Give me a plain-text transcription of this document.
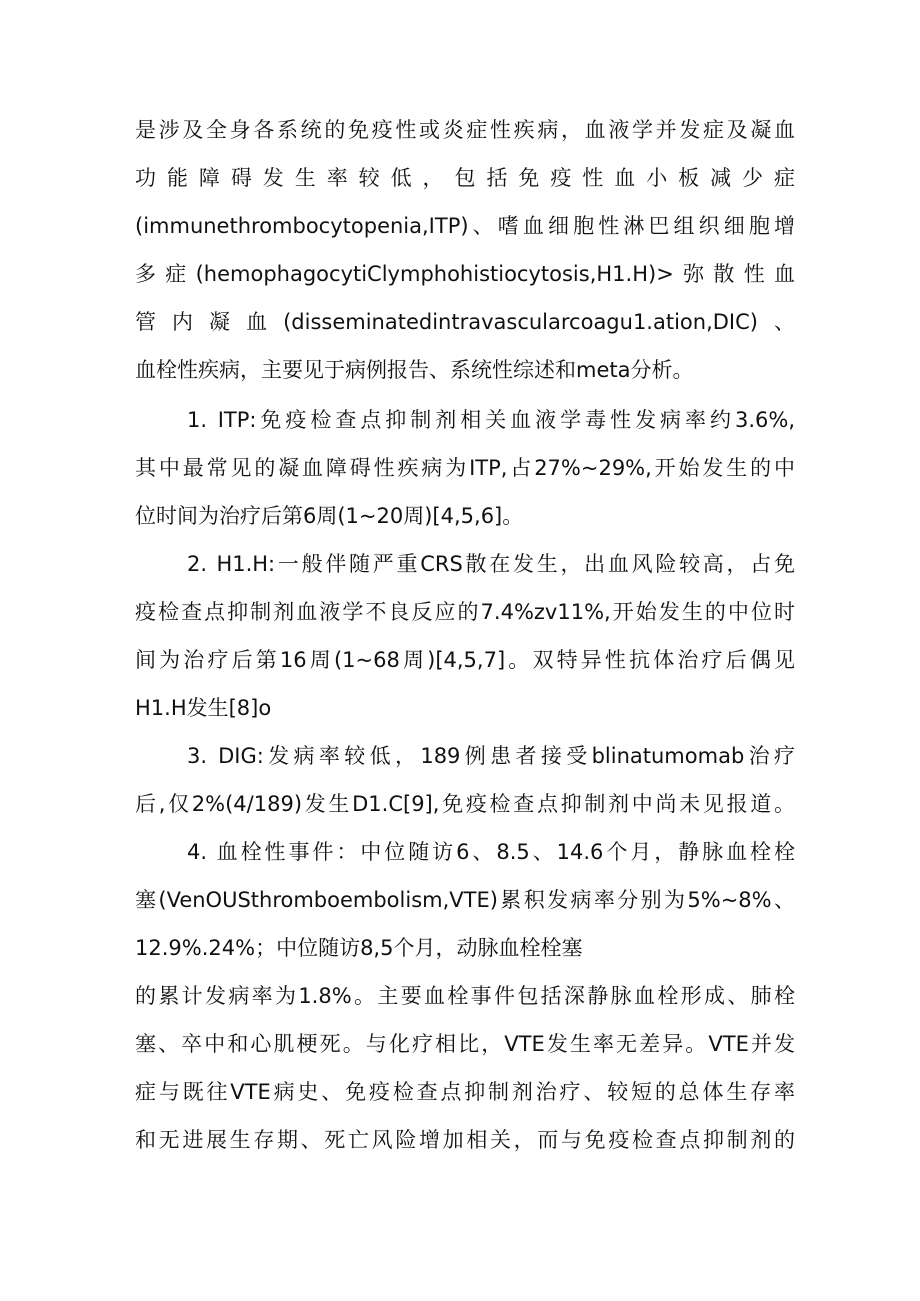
是涉及全身各系统的免疫性或炎症性疾病，血液学并发症及凝血
功能障碍发生率较低，包括免疫性血小板减少症
(immunethrombocytopenia,ITP)、嗜血细胞性淋巴组织细胞增
多症(hemophagocytiClymphohistiocytosis,H1.H)>弥散性血
管内凝血(disseminatedintravascularcoagu1.ation,DIC)、
血栓性疾病，主要见于病例报告、系统性综述和meta分析。
1. ITP:免疫检查点抑制剂相关血液学毒性发病率约3.6%,
其中最常见的凝血障碍性疾病为ITP,占27%~29%,开始发生的中
位时间为治疗后第6周(1~20周)[4,5,6]。
2. H1.H:一般伴随严重CRS散在发生，出血风险较高，占免
疫检查点抑制剂血液学不良反应的7.4%zv11%,开始发生的中位时
间为治疗后第16周(1~68周)[4,5,7]。双特异性抗体治疗后偶见
H1.H发生[8]o
3. DIG:发病率较低，189例患者接受blinatumomab治疗
后,仅2%(4/189)发生D1.C[9],免疫检查点抑制剂中尚未见报道。
4. 血栓性事件：中位随访6、8.5、14.6个月，静脉血栓栓
塞(VenOUSthromboembolism,VTE)累积发病率分别为5%~8%、
12.9%.24%；中位随访8,5个月，动脉血栓栓塞
的累计发病率为1.8%。主要血栓事件包括深静脉血栓形成、肺栓
塞、卒中和心肌梗死。与化疗相比，VTE发生率无差异。VTE并发
症与既往VTE病史、免疫检查点抑制剂治疗、较短的总体生存率
和无进展生存期、死亡风险增加相关，而与免疫检查点抑制剂的
